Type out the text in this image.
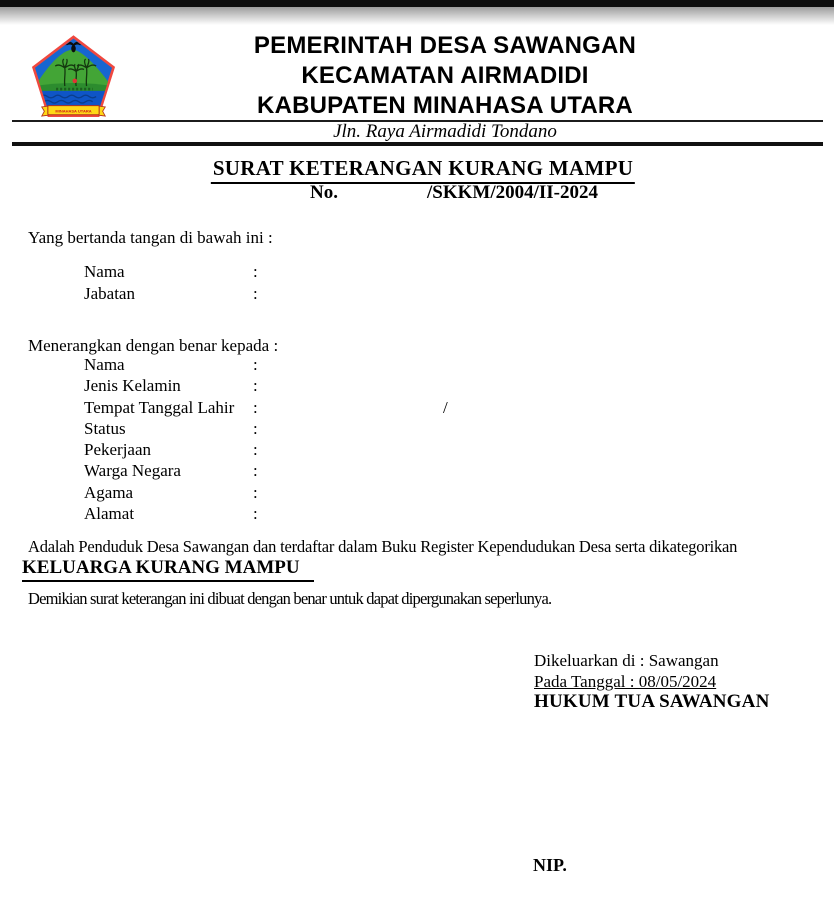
MINAHASA UTARA
PEMERINTAH DESA SAWANGAN
KECAMATAN AIRMADIDI
KABUPATEN MINAHASA UTARA
Jln. Raya Airmadidi Tondano
SURAT KETERANGAN KURANG MAMPU
No.	/SKKM/2004/II-2024
Yang bertanda tangan di bawah ini :
Nama	:
Jabatan	:
Menerangkan dengan benar kepada :
Nama	:
Jenis Kelamin	:
Tempat Tanggal Lahir :	/
Status	:
Pekerjaan	:
Warga Negara	:
Agama	:
Alamat	:
Adalah Penduduk Desa Sawangan dan terdaftar dalam Buku Register Kependudukan Desa serta dikategorikan
KELUARGA KURANG MAMPU
Demikian surat keterangan ini dibuat dengan benar untuk dapat dipergunakan seperlunya.
Dikeluarkan di : Sawangan
Pada Tanggal : 08/05/2024
HUKUM TUA SAWANGAN
NIP.
